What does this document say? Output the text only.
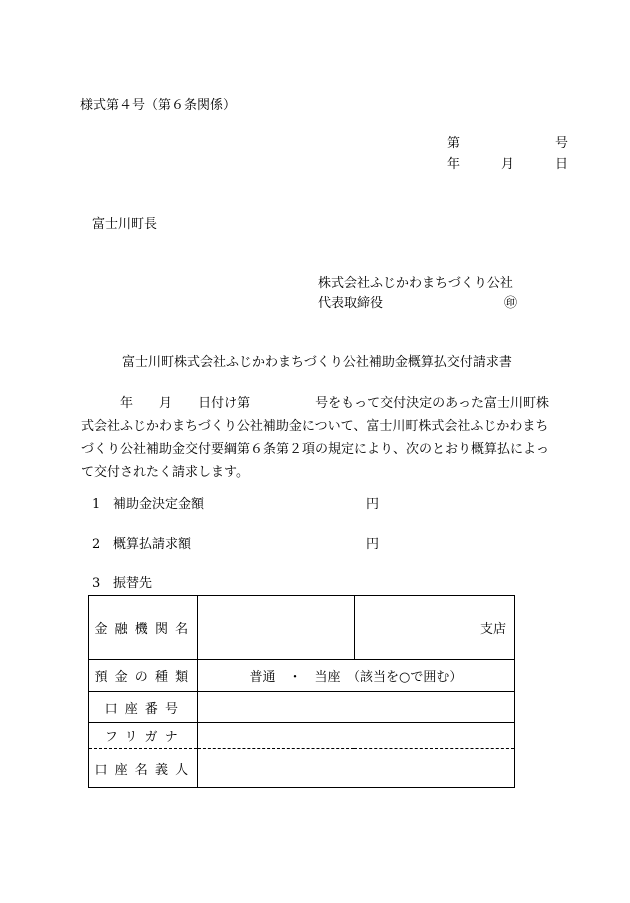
様式第４号（第６条関係）
第	号
年	月	日
富士川町長
株式会社ふじかわまちづくり公社
代表取締役	㊞
富士川町株式会社ふじかわまちづくり公社補助金概算払交付請求書
　　　年　　 月　　 日付け第　　　　　	号をもって交付決定のあった富士川町株式会社ふじかわまちづくり公社補助金について、富士川町株式会社ふじかわまちづくり公社補助金交付要綱第６条第２項の規定により、次のとおり概算払によって交付されたく請求します。
1 補助金決定金額	円
2 概算払請求額	円
3 振替先
金融機関名		支店
預金の種類	普通　・　当座　（該当を○で囲む）	
口座番号		
フリガナ		
口座名義人		
